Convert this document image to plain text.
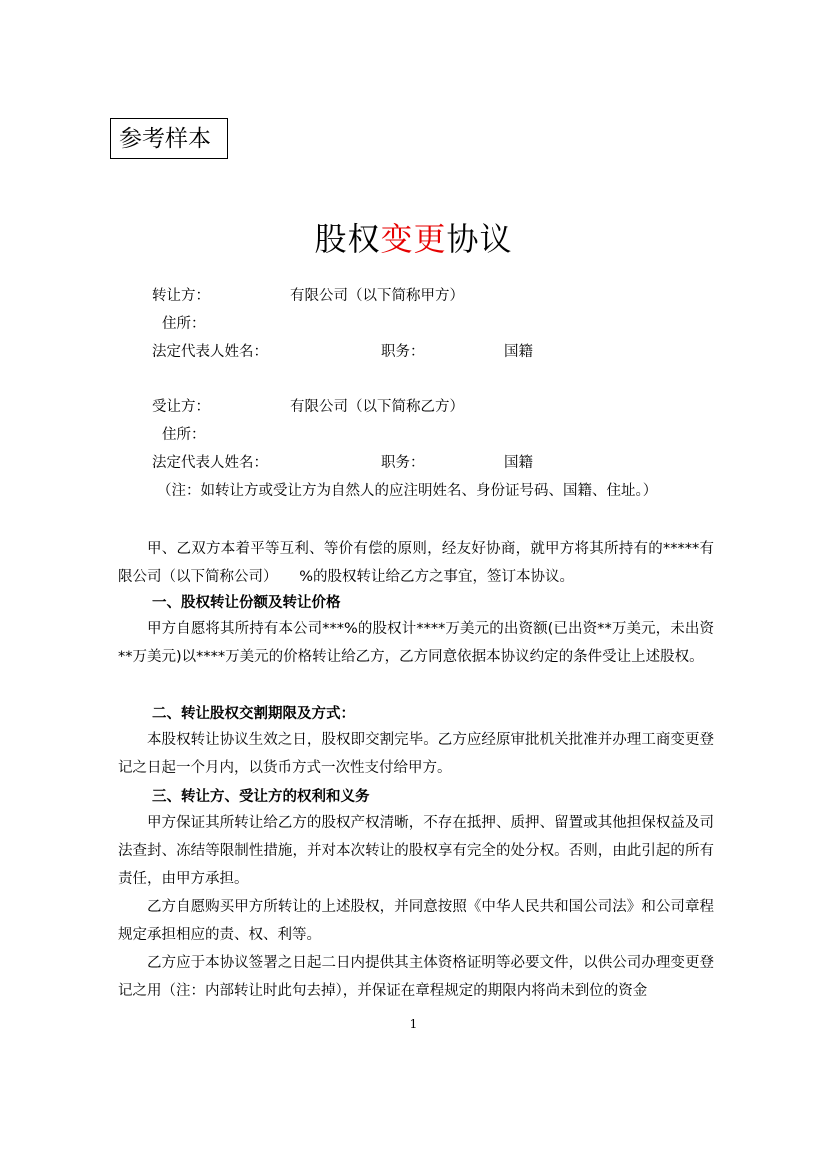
参考样本
股权变更协议
转让方：	有限公司（以下简称甲方）
住所：
法定代表人姓名：	职务：	国籍
受让方：	有限公司（以下简称乙方）
住所：
法定代表人姓名：	职务：	国籍
（注：如转让方或受让方为自然人的应注明姓名、身份证号码、国籍、住址。）
甲、乙双方本着平等互利、等价有偿的原则，经友好协商，就甲方将其所持有的*****有限公司（以下简称公司）　　%的股权转让给乙方之事宜，签订本协议。
一、股权转让份额及转让价格
甲方自愿将其所持有本公司***%的股权计****万美元的出资额(已出资**万美元，未出资**万美元)以****万美元的价格转让给乙方，乙方同意依据本协议约定的条件受让上述股权。
二、转让股权交割期限及方式：
本股权转让协议生效之日，股权即交割完毕。乙方应经原审批机关批准并办理工商变更登记之日起一个月内，以货币方式一次性支付给甲方。
三、转让方、受让方的权利和义务
甲方保证其所转让给乙方的股权产权清晰，不存在抵押、质押、留置或其他担保权益及司法查封、冻结等限制性措施，并对本次转让的股权享有完全的处分权。否则，由此引起的所有责任，由甲方承担。
乙方自愿购买甲方所转让的上述股权，并同意按照《中华人民共和国公司法》和公司章程规定承担相应的责、权、利等。
乙方应于本协议签署之日起二日内提供其主体资格证明等必要文件，以供公司办理变更登记之用（注：内部转让时此句去掉），并保证在章程规定的期限内将尚未到位的资金
1
